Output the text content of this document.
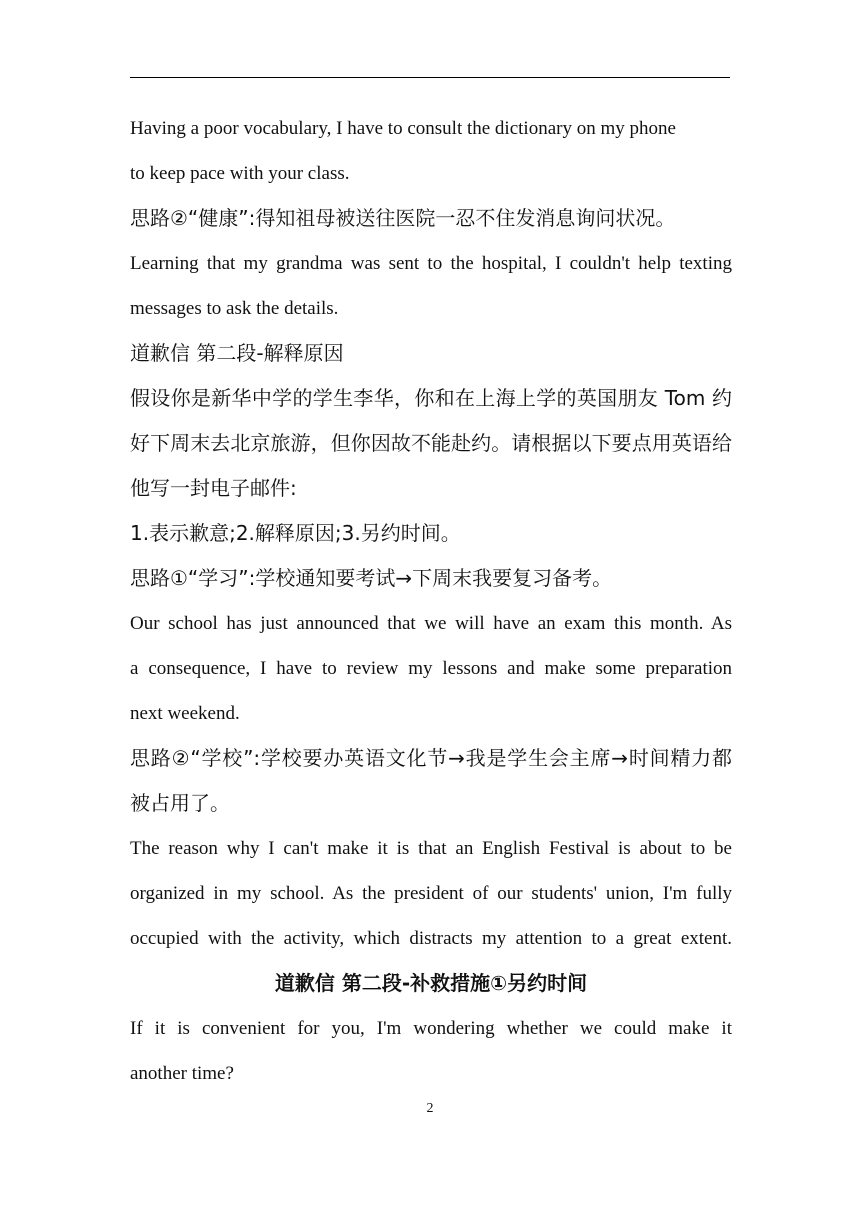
Having a poor vocabulary, I have to consult the dictionary on my phone
to keep pace with your class.
思路②“健康”:得知祖母被送往医院一忍不住发消息询问状况。
Learning that my grandma was sent to the hospital, I couldn't help texting
messages to ask the details.
道歉信 第二段-解释原因
假设你是新华中学的学生李华，你和在上海上学的英国朋友 Tom 约
好下周末去北京旅游，但你因故不能赴约。请根据以下要点用英语给
他写一封电子邮件:
1.表示歉意;2.解释原因;3.另约时间。
思路①“学习”:学校通知要考试→下周末我要复习备考。
Our school has just announced that we will have an exam this month. As
a consequence, I have to review my lessons and make some preparation
next weekend.
思路②“学校”:学校要办英语文化节→我是学生会主席→时间精力都
被占用了。
The reason why I can't make it is that an English Festival is about to be
organized in my school. As the president of our students' union, I'm fully
occupied with the activity, which distracts my attention to a great extent.
道歉信 第二段-补救措施①另约时间
If it is convenient for you, I'm wondering whether we could make it
another time?
2
